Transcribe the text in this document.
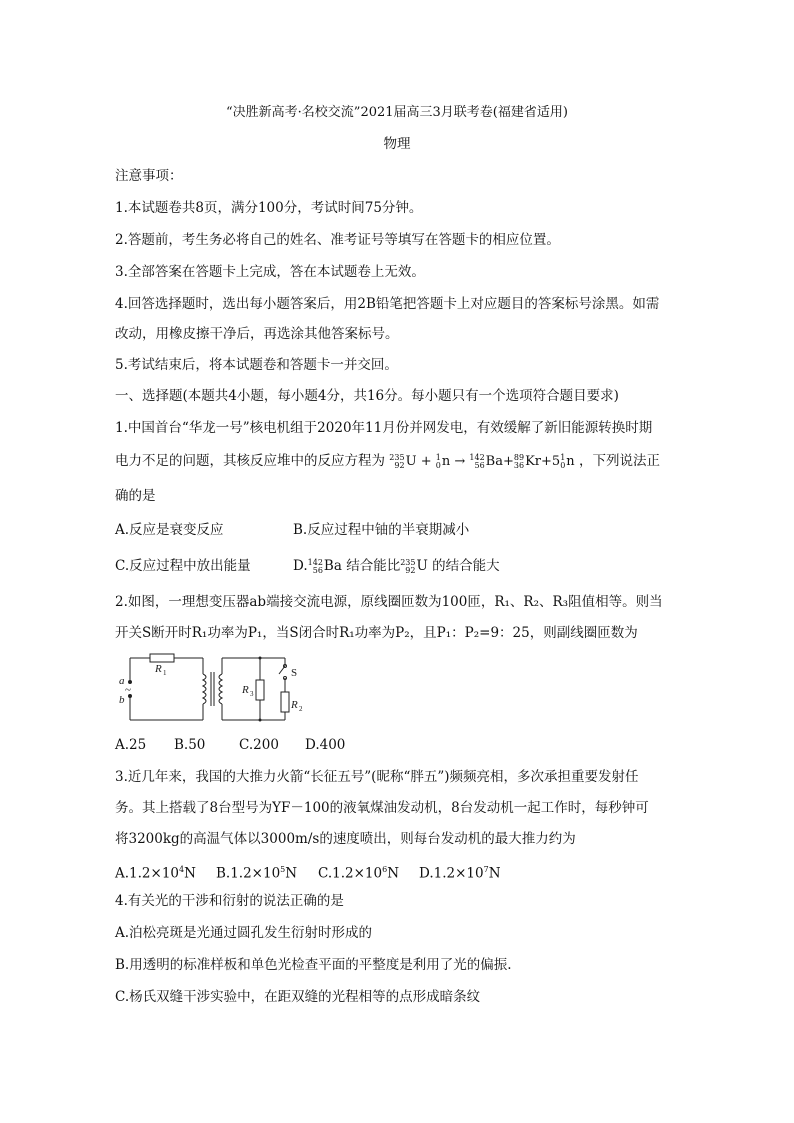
“决胜新高考·名校交流”2021届高三3月联考卷(福建省适用)
物理
注意事项：
1.本试题卷共8页，满分100分，考试时间75分钟。
2.答题前，考生务必将自己的姓名、准考证号等填写在答题卡的相应位置。
3.全部答案在答题卡上完成，答在本试题卷上无效。
4.回答选择题时，选出每小题答案后，用2B铅笔把答题卡上对应题目的答案标号涂黑。如需
改动，用橡皮擦干净后，再选涂其他答案标号。
5.考试结束后，将本试题卷和答题卡一并交回。
一、选择题(本题共4小题，每小题4分，共16分。每小题只有一个选项符合题目要求)
1.中国首台“华龙一号”核电机组于2020年11月份并网发电，有效缓解了新旧能源转换时期
电力不足的问题，其核反应堆中的反应方程为 235
92 U + 1
0 n → 142
56 Ba+ 89
36 Kr+5 1
0 n ，下列说法正
确的是
A.反应是衰变反应	B.反应过程中铀的半衰期减小
C.反应过程中放出能量	D. 142
56 Ba 结合能比 235
92 U 的结合能大
2.如图，一理想变压器ab端接交流电源，原线圈匝数为100匝，R₁、R₂、R₃阻值相等。则当
开关S断开时R₁功率为P₁，当S闭合时R₁功率为P₂，且P₁：P₂=9：25，则副线圈匝数为
a
b
~
R 1
R 3
R 2
S
A.25 B.50 C.200 D.400
3.近几年来，我国的大推力火箭“长征五号”(昵称“胖五”)频频亮相，多次承担重要发射任
务。其上搭载了8台型号为YF－100的液氧煤油发动机，8台发动机一起工作时，每秒钟可
将3200kg的高温气体以3000m/s的速度喷出，则每台发动机的最大推力约为
$A.1.2\times 10^4N$ $B.1.2\times 10^5N$ $C.1.2\times 10^6N$ $D.1.2\times 10^7N$
4.有关光的干涉和衍射的说法正确的是
A.泊松亮斑是光通过圆孔发生衍射时形成的
B.用透明的标准样板和单色光检查平面的平整度是利用了光的偏振.
C.杨氏双缝干涉实验中，在距双缝的光程相等的点形成暗条纹
